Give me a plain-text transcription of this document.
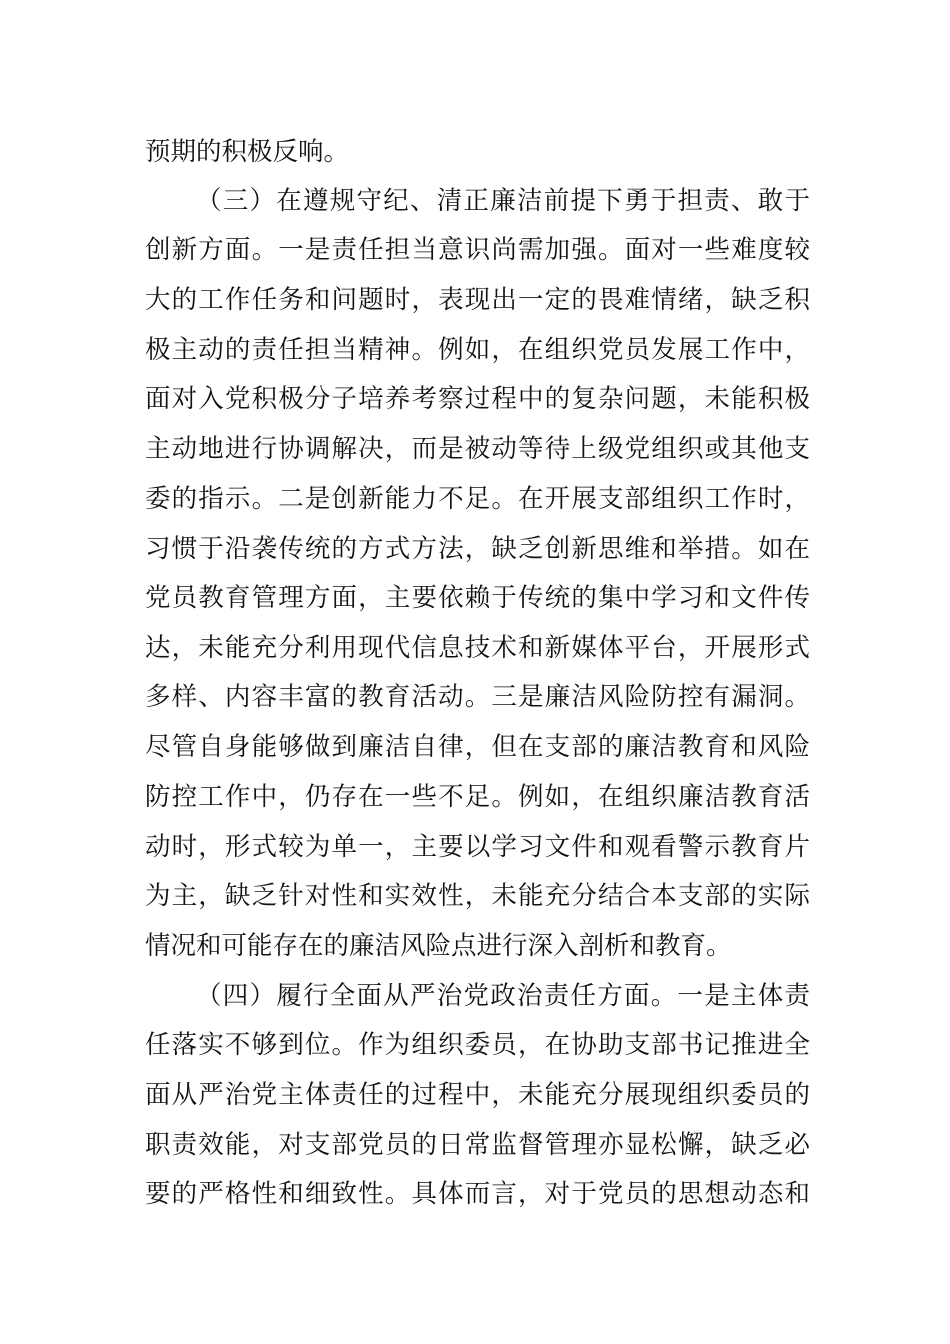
预期的积极反响。
（三）在遵规守纪、清正廉洁前提下勇于担责、敢于
创新方面。一是责任担当意识尚需加强。面对一些难度较
大的工作任务和问题时，表现出一定的畏难情绪，缺乏积
极主动的责任担当精神。例如，在组织党员发展工作中，
面对入党积极分子培养考察过程中的复杂问题，未能积极
主动地进行协调解决，而是被动等待上级党组织或其他支
委的指示。二是创新能力不足。在开展支部组织工作时，
习惯于沿袭传统的方式方法，缺乏创新思维和举措。如在
党员教育管理方面，主要依赖于传统的集中学习和文件传
达，未能充分利用现代信息技术和新媒体平台，开展形式
多样、内容丰富的教育活动。三是廉洁风险防控有漏洞。
尽管自身能够做到廉洁自律，但在支部的廉洁教育和风险
防控工作中，仍存在一些不足。例如，在组织廉洁教育活
动时，形式较为单一，主要以学习文件和观看警示教育片
为主，缺乏针对性和实效性，未能充分结合本支部的实际
情况和可能存在的廉洁风险点进行深入剖析和教育。
（四）履行全面从严治党政治责任方面。一是主体责
任落实不够到位。作为组织委员，在协助支部书记推进全
面从严治党主体责任的过程中，未能充分展现组织委员的
职责效能，对支部党员的日常监督管理亦显松懈，缺乏必
要的严格性和细致性。具体而言，对于党员的思想动态和
